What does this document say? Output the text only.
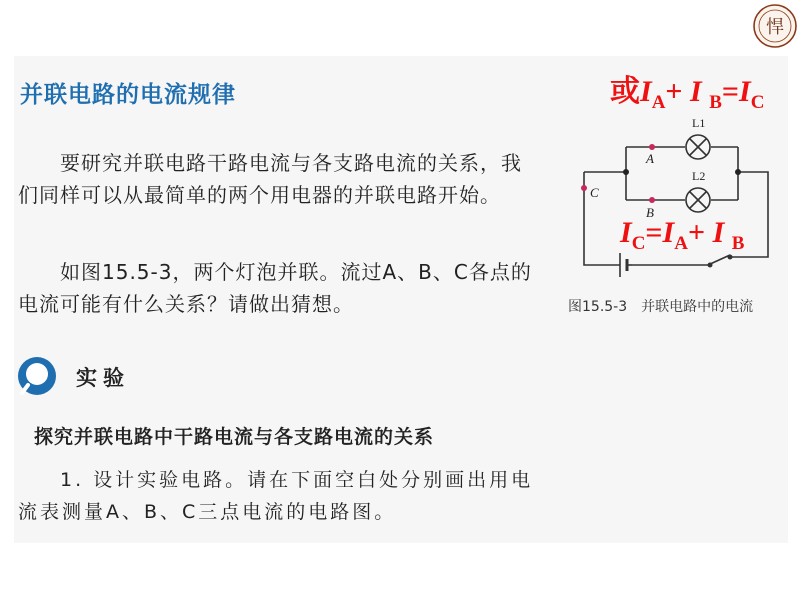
并联电路的电流规律
要研究并联电路干路电流与各支路电流的关系，我们同样可以从最简单的两个用电器的并联电路开始。
如图15.5-3，两个灯泡并联。流过A、B、C各点的电流可能有什么关系？请做出猜想。
实验
探究并联电路中干路电流与各支路电流的关系
1. 设计实验电路。请在下面空白处分别画出用电流表测量A、B、C三点电流的电路图。
A
B
C
L1
L2
图15.5-3　并联电路中的电流
或$I_A+ I$ $_B=I_C$
$I_C=I_A+ I$ $_B$
悍
